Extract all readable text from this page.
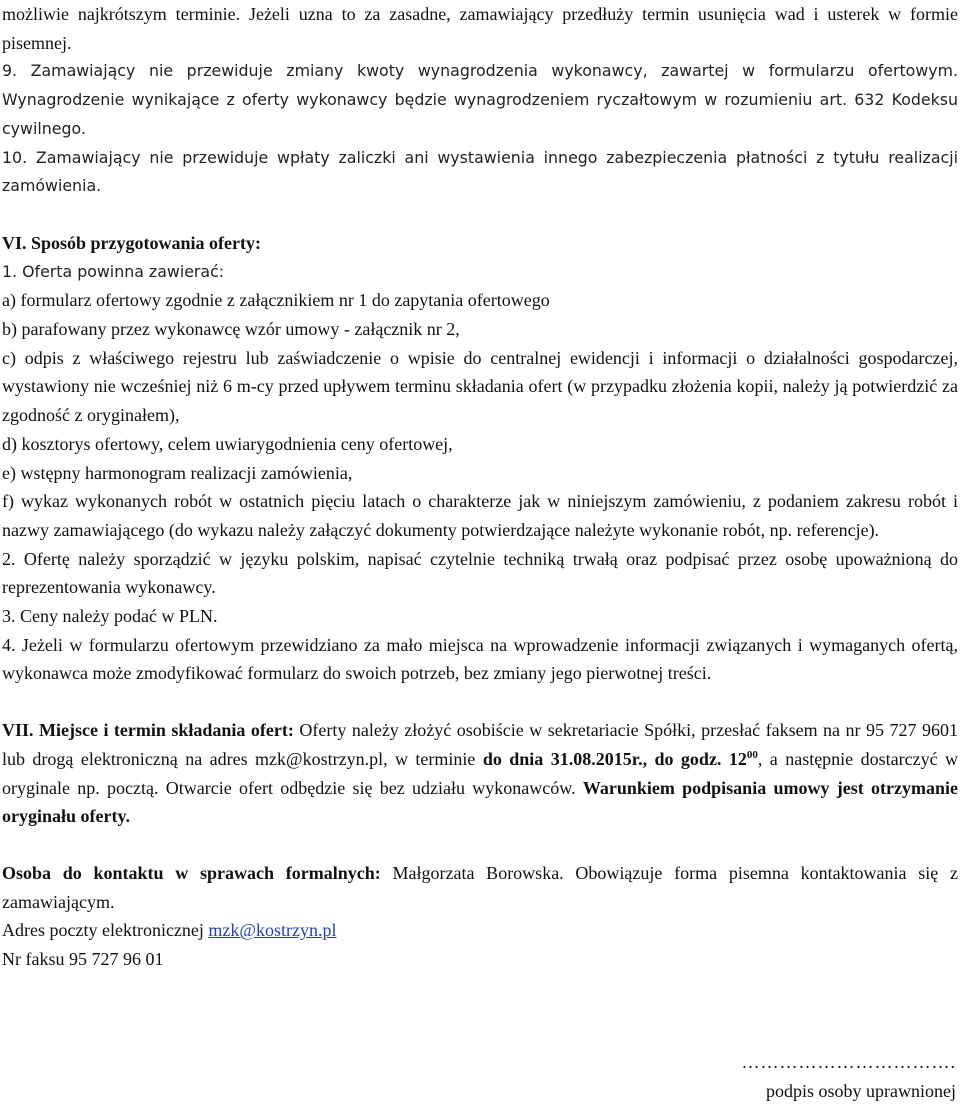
możliwie najkrótszym terminie. Jeżeli uzna to za zasadne, zamawiający przedłuży termin usunięcia wad i usterek w formie pisemnej.

9. Zamawiający nie przewiduje zmiany kwoty wynagrodzenia wykonawcy, zawartej w formularzu ofertowym. Wynagrodzenie wynikające z oferty wykonawcy będzie wynagrodzeniem ryczałtowym w rozumieniu art. 632 Kodeksu cywilnego.

10. Zamawiający nie przewiduje wpłaty zaliczki ani wystawienia innego zabezpieczenia płatności z tytułu realizacji zamówienia.

VI. Sposób przygotowania oferty:

1. Oferta powinna zawierać:

a) formularz ofertowy zgodnie z załącznikiem nr 1 do zapytania ofertowego

b) parafowany przez wykonawcę wzór umowy - załącznik nr 2,

c) odpis z właściwego rejestru lub zaświadczenie o wpisie do centralnej ewidencji i informacji o działalności gospodarczej, wystawiony nie wcześniej niż 6 m-cy przed upływem terminu składania ofert (w przypadku złożenia kopii, należy ją potwierdzić za zgodność z oryginałem),

d) kosztorys ofertowy, celem uwiarygodnienia ceny ofertowej,

e) wstępny harmonogram realizacji zamówienia,

f) wykaz wykonanych robót w ostatnich pięciu latach o charakterze jak w niniejszym zamówieniu, z podaniem zakresu robót i nazwy zamawiającego (do wykazu należy załączyć dokumenty potwierdzające należyte wykonanie robót, np. referencje).

2. Ofertę należy sporządzić w języku polskim, napisać czytelnie techniką trwałą oraz podpisać przez osobę upoważnioną do reprezentowania wykonawcy.

3. Ceny należy podać w PLN.

4. Jeżeli w formularzu ofertowym przewidziano za mało miejsca na wprowadzenie informacji związanych i wymaganych ofertą, wykonawca może zmodyfikować formularz do swoich potrzeb, bez zmiany jego pierwotnej treści.

VII. Miejsce i termin składania ofert: Oferty należy złożyć osobiście w sekretariacie Spółki, przesłać faksem na nr 95 727 9601 lub drogą elektroniczną na adres mzk@kostrzyn.pl, w terminie do dnia 31.08.2015r., do godz. $12^{00}$, a następnie dostarczyć w oryginale np. pocztą. Otwarcie ofert odbędzie się bez udziału wykonawców. Warunkiem podpisania umowy jest otrzymanie oryginału oferty.

Osoba do kontaktu w sprawach formalnych: Małgorzata Borowska. Obowiązuje forma pisemna kontaktowania się z zamawiającym.

Adres poczty elektronicznej mzk@kostrzyn.pl

Nr faksu 95 727 96 01

…………………………….
podpis osoby uprawnionej
